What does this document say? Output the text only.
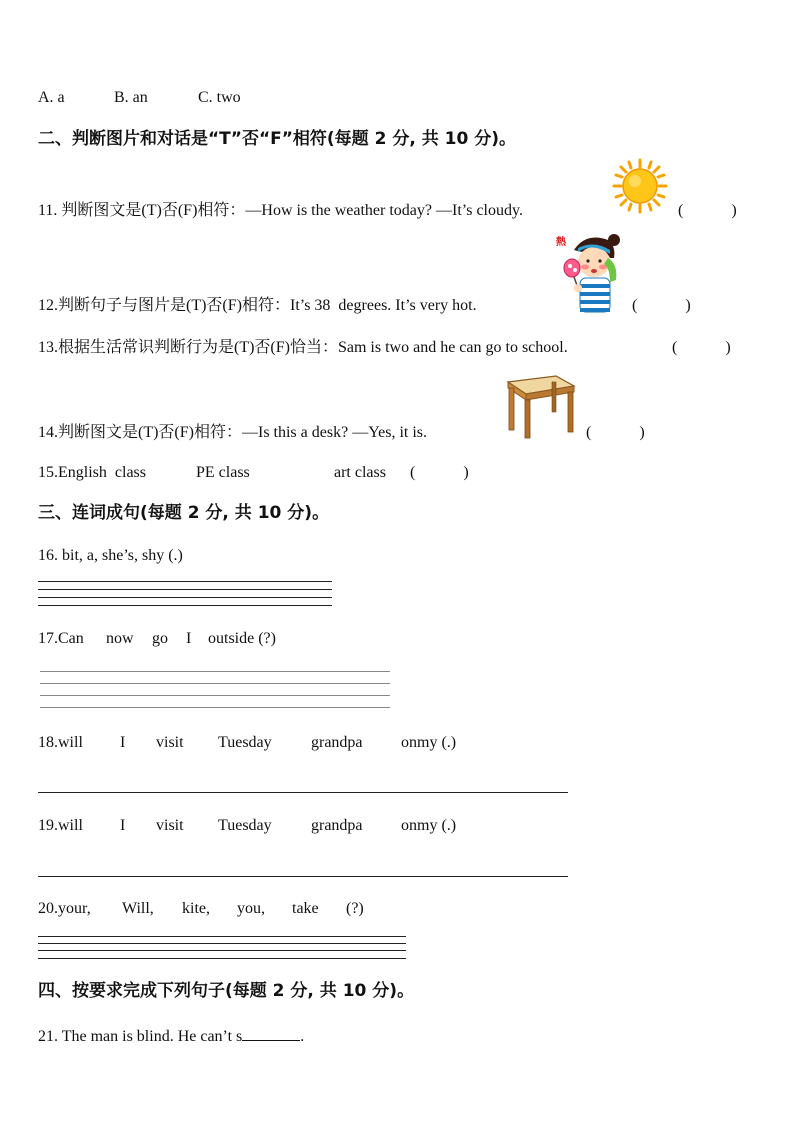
A. a	B. an	C. two
二、判断图片和对话是“T”否“F”相符(每题 2 分, 共 10 分)。
11. 判断图文是(T)否(F)相符：—How is the weather today? —It’s cloudy.	(　　　)
12.判断句子与图片是(T)否(F)相符：It’s 38  degrees. It’s very hot.
熱
(　　　)
13.根据生活常识判断行为是(T)否(F)恰当：Sam is two and he can go to school.	(　　　)
14.判断图文是(T)否(F)相符：—Is this a desk? —Yes, it is.	(　　　)
15.English  class	PE class	art class (　　　)
三、连词成句(每题 2 分, 共 10 分)。
16. bit, a, she’s, shy (.)
17.Can now go I outside (?)
18.will I visit Tuesday grandpa onmy (.)
19.will I visit Tuesday grandpa onmy (.)
20.your, Will, kite, you, take (?)
四、按要求完成下列句子(每题 2 分, 共 10 分)。
21. The man is blind. He can’t s	.
